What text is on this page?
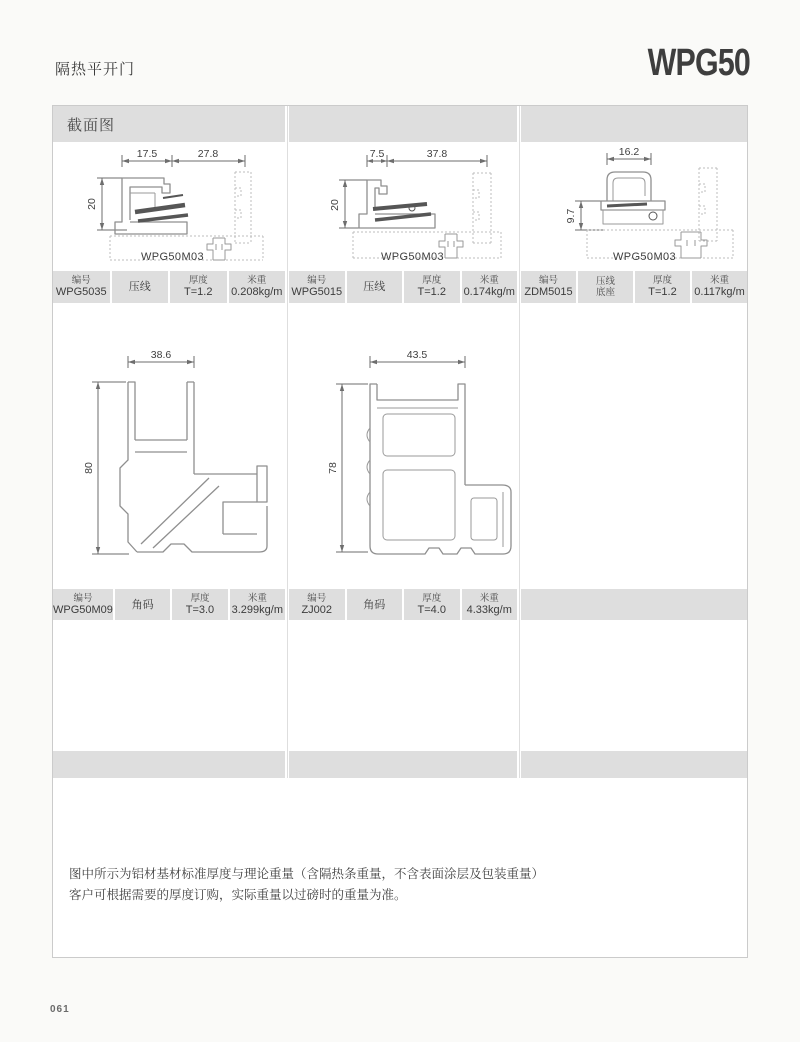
隔热平开门	WPG50
截面图
17.5	27.8
20
WPG50M03
编号
WPG5035 压线
厚度
T=1.2
米重
0.208kg/m
38.6
80
编号
WPG50M09 角码
厚度
T=3.0
米重
3.299kg/m
7.5	37.8
20
WPG50M03
编号
WPG5015 压线
厚度
T=1.2
米重
0.174kg/m
43.5
78
编号
ZJ002	角码
厚度
T=4.0
米重
4.33kg/m
16.2
9.7
WPG50M03
编号
ZDM5015
压线
底座
厚度
T=1.2
米重
0.117kg/m
图中所示为铝材基材标准厚度与理论重量（含隔热条重量，不含表面涂层及包装重量）
客户可根据需要的厚度订购，实际重量以过磅时的重量为准。
061
